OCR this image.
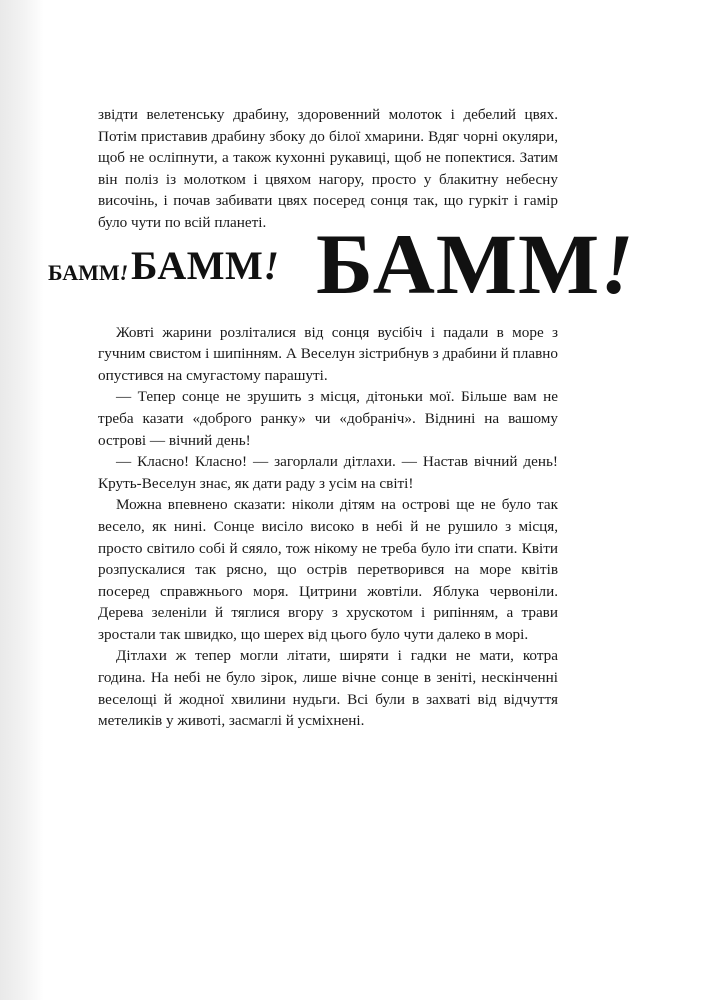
звідти велетенську драбину, здоровенний молоток і дебелий цвях. Потім приставив драбину збоку до білої хмарини. Вдяг чорні окуляри, щоб не осліпнути, а також кухонні рукавиці, щоб не попектися. Затим він поліз із молотком і цвяхом нагору, просто у блакитну небесну височінь, і почав забивати цвях посеред сонця так, що гуркіт і гамір було чути по всій планеті.

БАММ! БАММ! БАММ!

Жовті жарини розліталися від сонця вусібіч і падали в море з гучним свистом і шипінням. А Веселун зістрибнув з драбини й плавно опустився на смугастому парашуті.

— Тепер сонце не зрушить з місця, дітоньки мої. Більше вам не треба казати «доброго ранку» чи «добраніч». Віднині на вашому острові — вічний день!

— Класно! Класно! — загорлали дітлахи. — Настав вічний день! Круть-Веселун знає, як дати раду з усім на світі!

Можна впевнено сказати: ніколи дітям на острові ще не було так весело, як нині. Сонце висіло високо в небі й не рушило з місця, просто світило собі й сяяло, тож нікому не треба було іти спати. Квіти розпускалися так рясно, що острів перетворився на море квітів посеред справжнього моря. Цитрини жовтіли. Яблука червоніли. Дерева зеленіли й тяглися вгору з хрускотом і рипінням, а трави зростали так швидко, що шерех від цього було чути далеко в морі.

Дітлахи ж тепер могли літати, ширяти і гадки не мати, котра година. На небі не було зірок, лише вічне сонце в зеніті, нескінченні веселощі й жодної хвилини нудьги. Всі були в захваті від відчуття метеликів у животі, засмаглі й усміхнені.
